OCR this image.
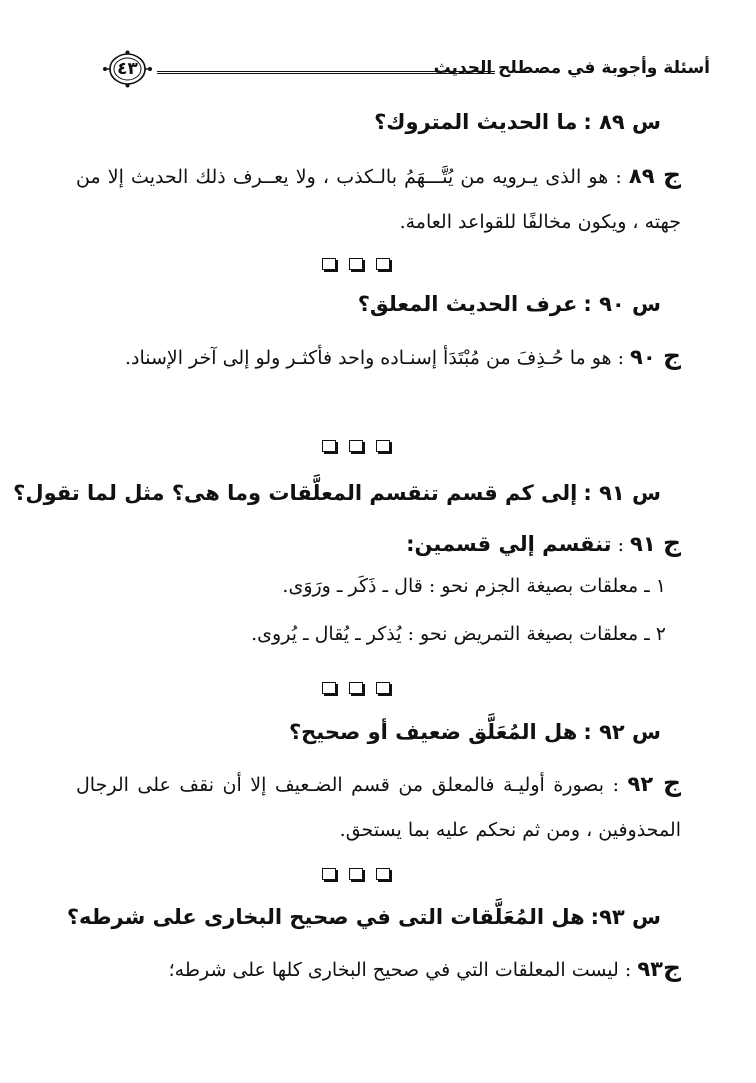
٤٣	أسئلة وأجوبة في مصطلح الحديث
س ٨٩ :ما الحديث المتروك؟
ج ٨٩ : هو الذى يـرويه من يُتَّـــهَمُ بالـكذب ، ولا يعــرف ذلك الحديث إلا من جهته ، ويكون مخالفًا للقواعد العامة.
س ٩٠ :عرف الحديث المعلق؟
ج ٩٠ : هو ما حُـذِفَ من مُبْتَدَأ إسنـاده واحد فأكثـر ولو إلى آخر الإسناد.
س ٩١ :إلى كم قسم تنقسم المعلَّقات وما هى؟ مثل لما تقول؟
ج ٩١ : تنقسم إلي قسمين:
١ ـ معلقات بصيغة الجزم نحو : قال ـ ذَكَر ـ ورَوَى.
٢ ـ معلقات بصيغة التمريض نحو : يُذكر ـ يُقال ـ يُروى.
س ٩٢ :هل المُعَلَّق ضعيف أو صحيح؟
ج ٩٢ : بصورة أوليـة فالمعلق من قسم الضـعيف إلا أن نقف على الرجال المحذوفين ، ومن ثم نحكم عليه بما يستحق.
س ٩٣:هل المُعَلَّقات التى في صحيح البخارى على شرطه؟
ج٩٣ : ليست المعلقات التي في صحيح البخارى كلها على شرطه؛
